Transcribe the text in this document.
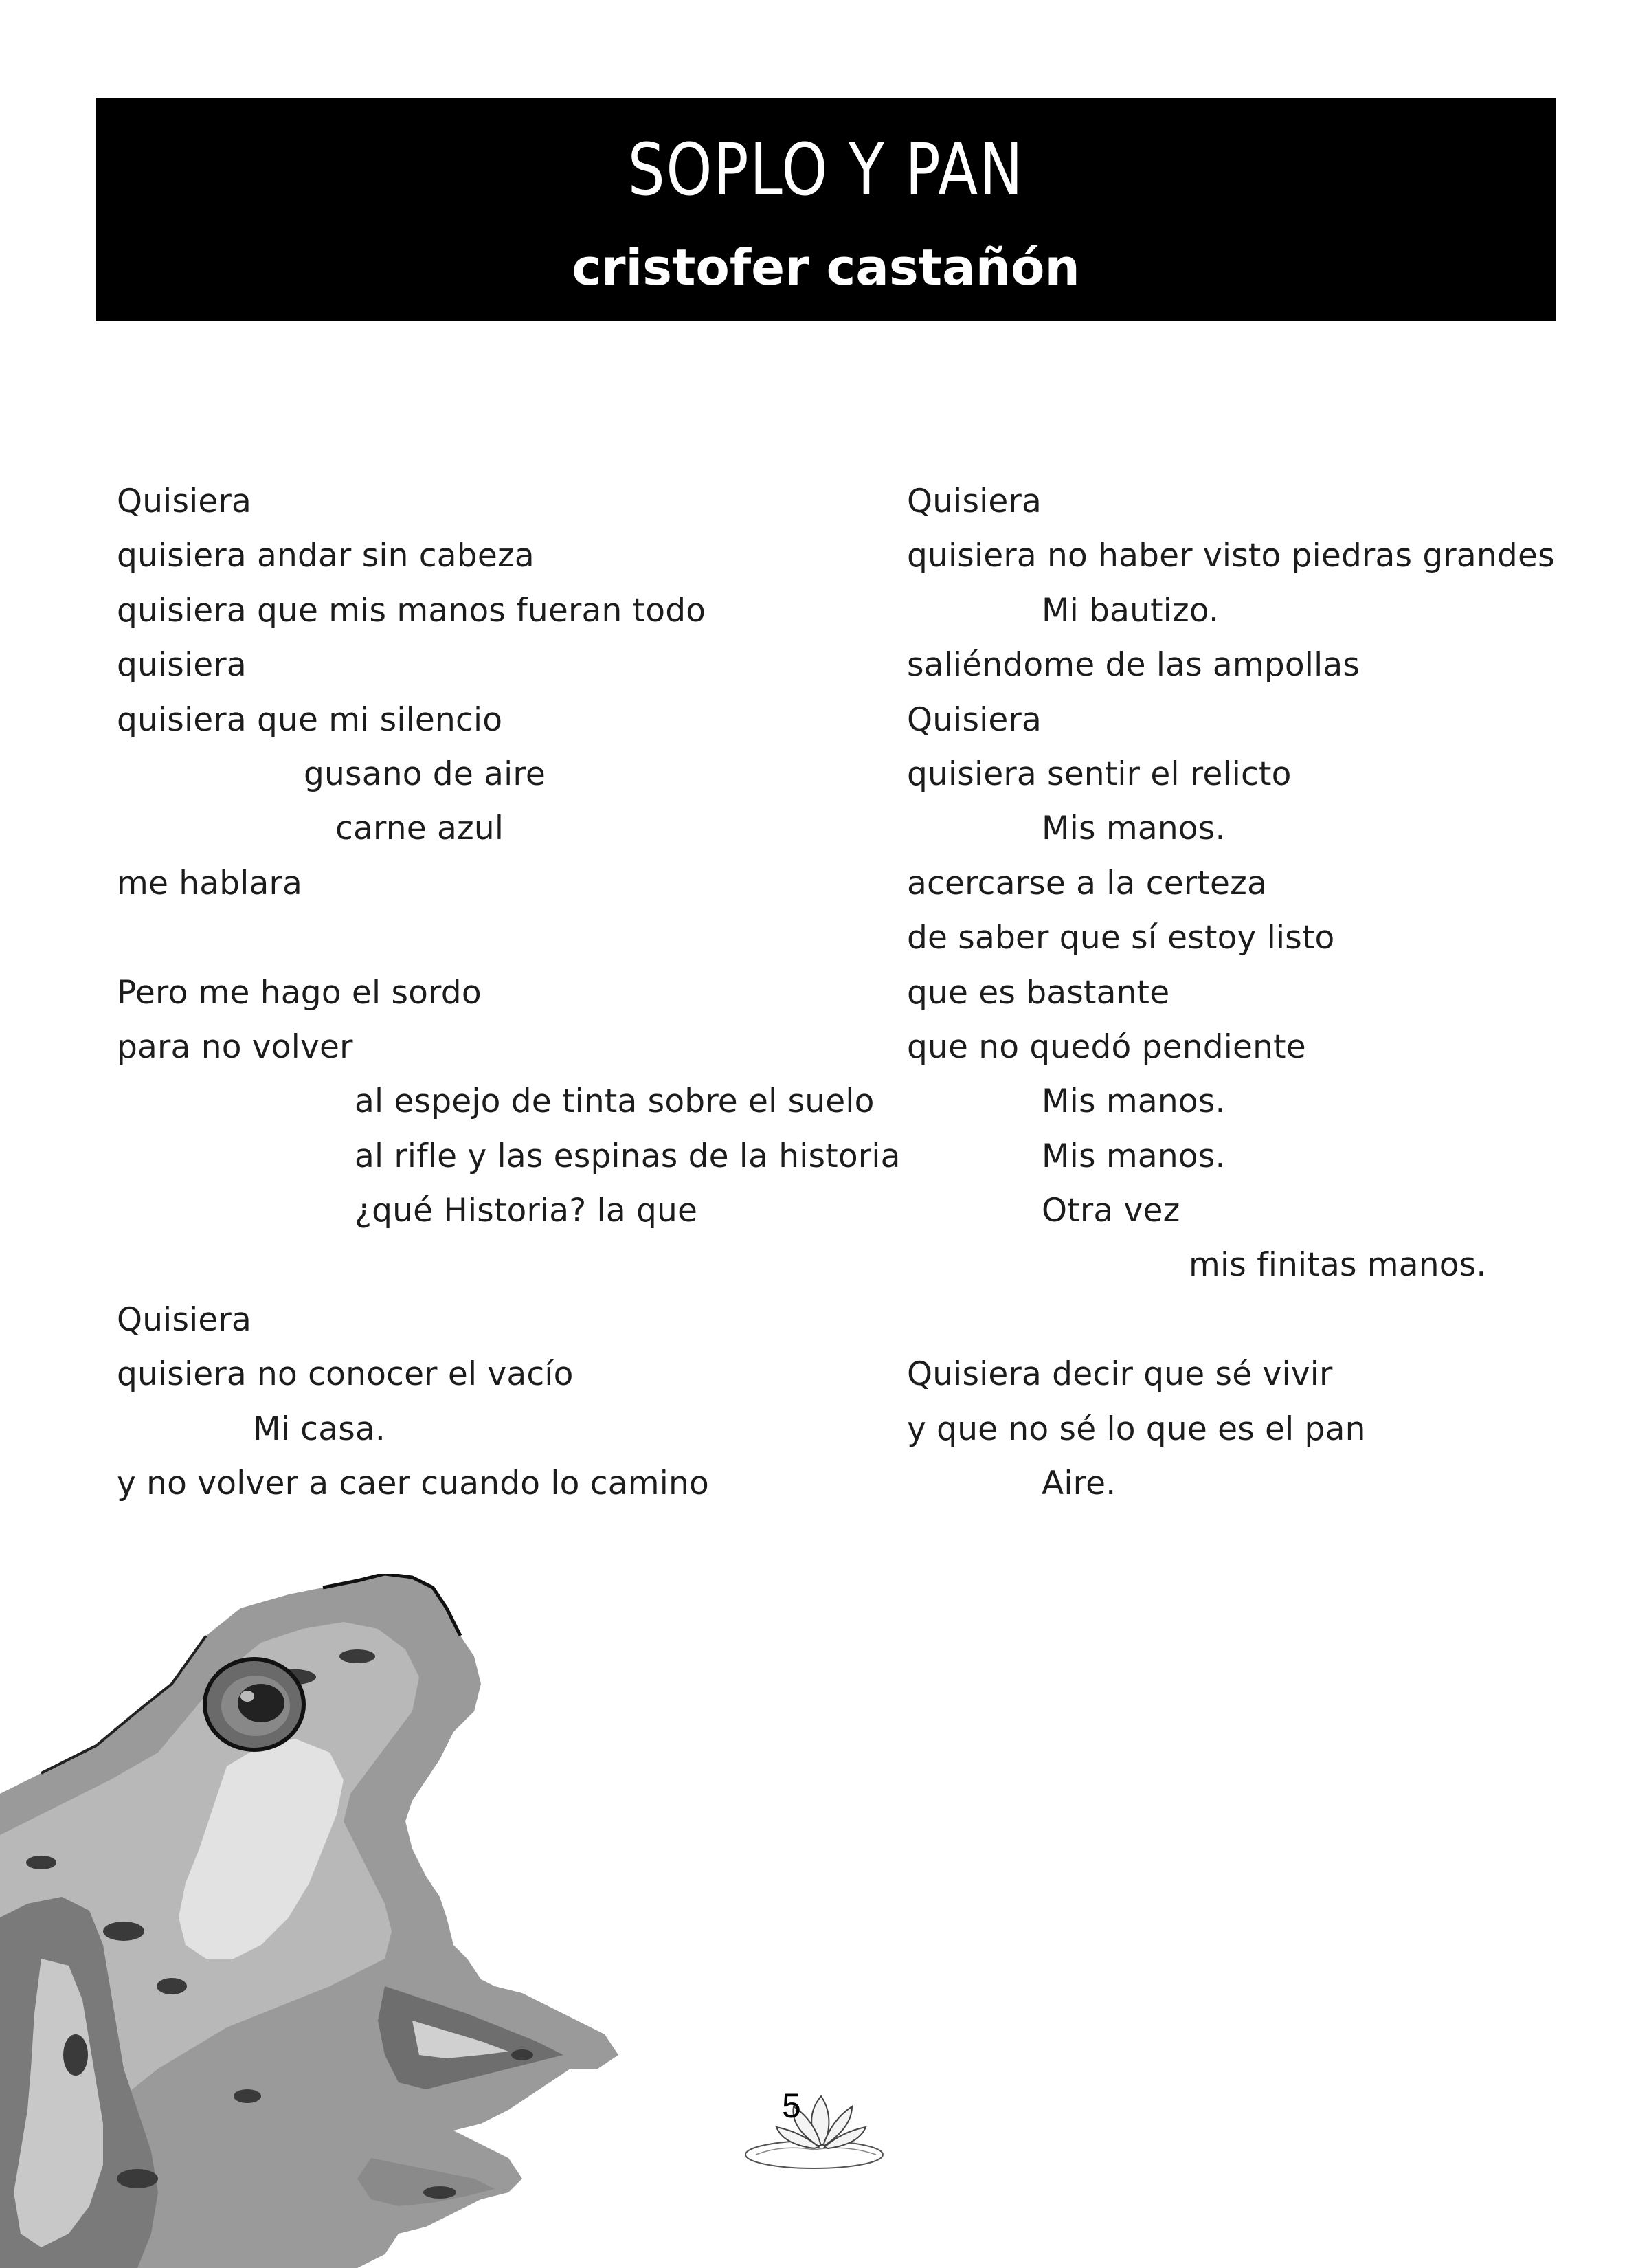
SOPLO Y PAN
cristofer castañón
Quisiera
quisiera andar sin cabeza
quisiera que mis manos fueran todo
quisiera
quisiera que mi silencio
gusano de aire
carne azul
me hablara
Pero me hago el sordo
para no volver
al espejo de tinta sobre el suelo
al rifle y las espinas de la historia
¿qué Historia? la que
Quisiera
quisiera no conocer el vacío
Mi casa.
y no volver a caer cuando lo camino
Quisiera
quisiera no haber visto piedras grandes
Mi bautizo.
saliéndome de las ampollas
Quisiera
quisiera sentir el relicto
Mis manos.
acercarse a la certeza
de saber que sí estoy listo
que es bastante
que no quedó pendiente
Mis manos.
Mis manos.
Otra vez
mis finitas manos.
Quisiera decir que sé vivir
y que no sé lo que es el pan
Aire.
5
